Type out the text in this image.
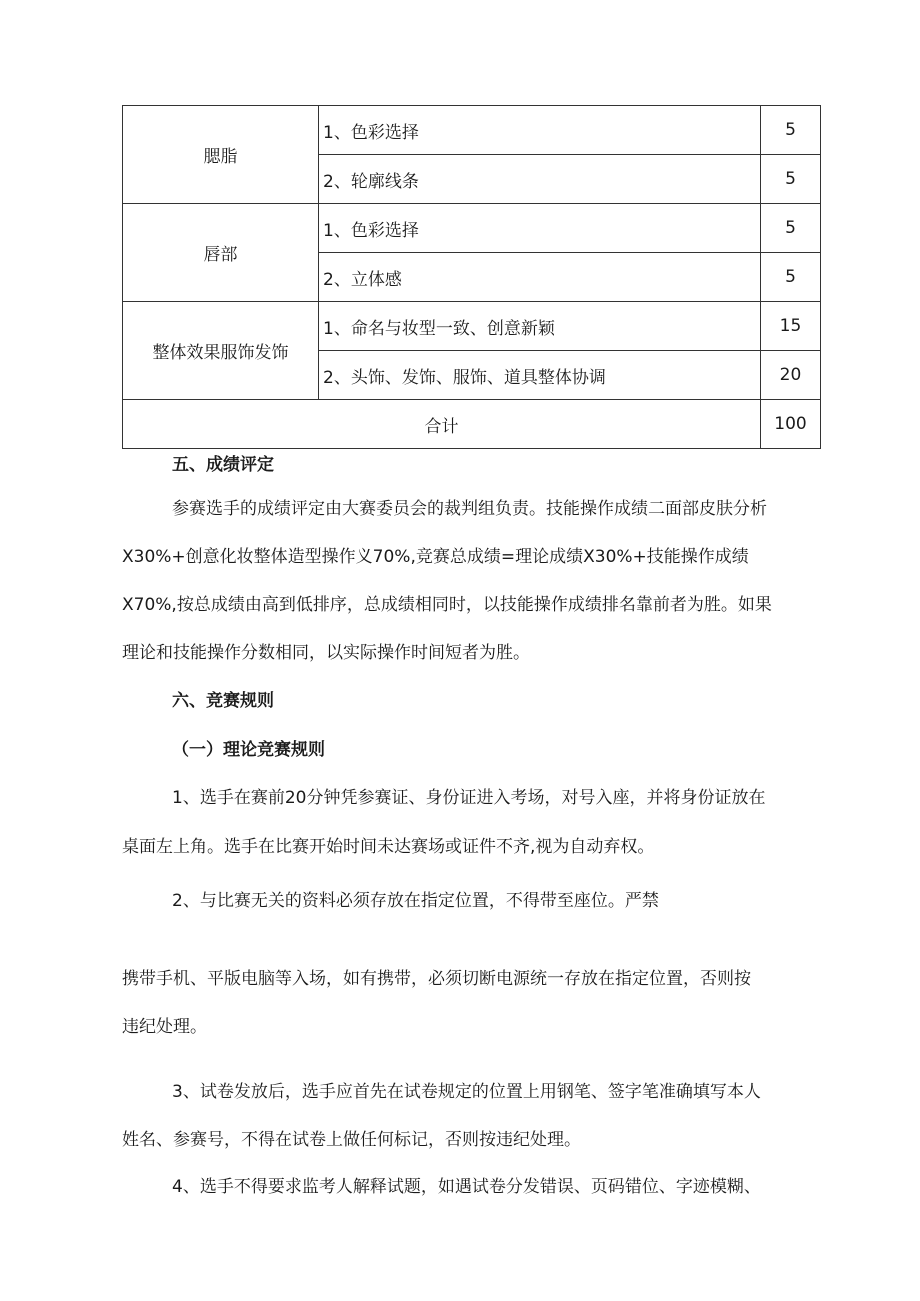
腮脂	1、色彩选择	5
	2、轮廓线条	5
唇部	1、色彩选择	5
	2、立体感	5
整体效果服饰发饰	1、命名与妆型一致、创意新颖	15
	2、头饰、发饰、服饰、道具整体协调	20
合计		100
五、成绩评定
参赛选手的成绩评定由大赛委员会的裁判组负责。技能操作成绩二面部皮肤分析
X30%+创意化妆整体造型操作义70%,竞赛总成绩=理论成绩X30%+技能操作成绩
X70%,按总成绩由高到低排序，总成绩相同时，以技能操作成绩排名靠前者为胜。如果
理论和技能操作分数相同，以实际操作时间短者为胜。
六、竞赛规则
（一）理论竞赛规则
1、选手在赛前20分钟凭参赛证、身份证进入考场，对号入座，并将身份证放在
桌面左上角。选手在比赛开始时间未达赛场或证件不齐,视为自动弃权。
2、与比赛无关的资料必须存放在指定位置，不得带至座位。严禁
携带手机、平版电脑等入场，如有携带，必须切断电源统一存放在指定位置，否则按
违纪处理。
3、试卷发放后，选手应首先在试卷规定的位置上用钢笔、签字笔准确填写本人
姓名、参赛号，不得在试卷上做任何标记，否则按违纪处理。
4、选手不得要求监考人解释试题，如遇试卷分发错误、页码错位、字迹模糊、
